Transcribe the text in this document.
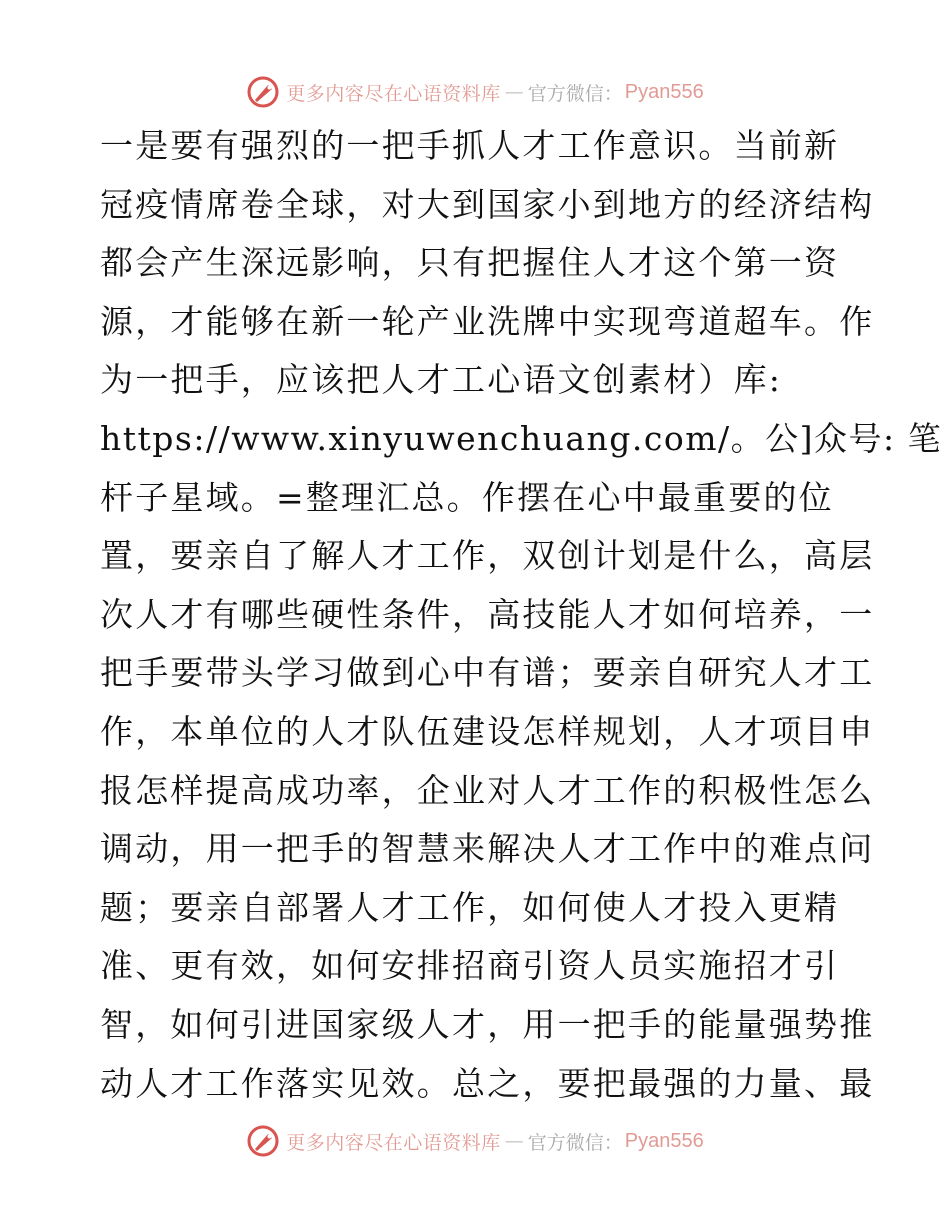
更多内容尽在心语资料库 — 官方微信： Pyan556
一是要有强烈的一把手抓人才工作意识。当前新
冠疫情席卷全球，对大到国家小到地方的经济结构
都会产生深远影响，只有把握住人才这个第一资
源，才能够在新一轮产业洗牌中实现弯道超车。作
为一把手，应该把人才工心语文创素材）库:
https://www.xinyuwenchuang.com/。公]众号: 笔
杆子星域。=整理汇总。作摆在心中最重要的位
置，要亲自了解人才工作，双创计划是什么，高层
次人才有哪些硬性条件，高技能人才如何培养，一
把手要带头学习做到心中有谱；要亲自研究人才工
作，本单位的人才队伍建设怎样规划，人才项目申
报怎样提高成功率，企业对人才工作的积极性怎么
调动，用一把手的智慧来解决人才工作中的难点问
题；要亲自部署人才工作，如何使人才投入更精
准、更有效，如何安排招商引资人员实施招才引
智，如何引进国家级人才，用一把手的能量强势推
动人才工作落实见效。总之，要把最强的力量、最
更多内容尽在心语资料库 — 官方微信： Pyan556
